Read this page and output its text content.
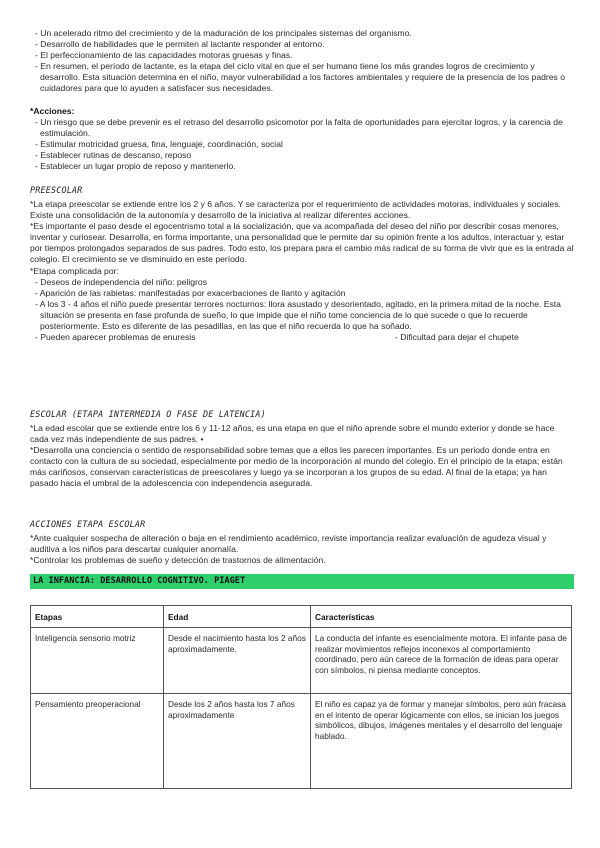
- Un acelerado ritmo del crecimiento y de la maduración de los principales sistemas del organismo.

- Desarrollo de habilidades que le permiten al lactante responder al entorno.

- El perfeccionamiento de las capacidades motoras gruesas y finas.

- En resumen, el período de lactante, es la etapa del ciclo vital en que el ser humano tiene los más grandes logros de crecimiento y desarrollo. Esta situación determina en el niño, mayor vulnerabilidad a los factores ambientales y requiere de la presencia de los padres o cuidadores para que lo ayuden a satisfacer sus necesidades.

*Acciones:

- Un riesgo que se debe prevenir es el retraso del desarrollo psicomotor por la falta de oportunidades para ejercitar logros, y la carencia de estimulación.

- Estimular motricidad gruesa, fina, lenguaje, coordinación, social

- Establecer rutinas de descanso, reposo

- Establecer un lugar propio de reposo y mantenerlo.

PREESCOLAR

*La etapa preescolar se extiende entre los 2 y 6 años. Y se caracteriza por el requerimiento de actividades motoras, individuales y sociales. Existe una consolidación de la autonomía y desarrollo de la iniciativa al realizar diferentes acciones.

*Es importante el paso desde el egocentrismo total a la socialización, que va acompañada del deseo del niño por describir cosas menores, inventar y curiosear. Desarrolla, en forma importante, una personalidad que le permite dar su opinión frente a los adultos, interactuar y, estar por tiempos prolongados separados de sus padres. Todo esto, los prepara para el cambio más radical de su forma de vivir que es la entrada al colegio. El crecimiento se ve disminuido en este período.

*Etapa complicada por:

- Deseos de independencia del niño: peligros

- Aparición de las rabietas: manifestadas por exacerbaciones de llanto y agitación

- A los 3 - 4 años el niño puede presentar terrores nocturnos: llora asustado y desorientado, agitado, en la primera mitad de la noche. Esta situación se presenta en fase profunda de sueño, lo que impide que el niño tome conciencia de lo que sucede o que lo recuerde posteriormente. Esto es diferente de las pesadillas, en las que el niño recuerda lo que ha soñado.

- Pueden aparecer problemas de enuresis	- Dificultad para dejar el chupete

ESCOLAR (ETAPA INTERMEDIA O FASE DE LATENCIA)

*La edad escolar que se extiende entre los 6 y 11-12 años, es una etapa en que el niño aprende sobre el mundo exterior y donde se hace cada vez más independiente de sus padres. •

*Desarrolla una conciencia o sentido de responsabilidad sobre temas que a ellos les parecen importantes. Es un periodo donde entra en contacto con la cultura de su sociedad, especialmente por medio de la incorporación al mundo del colegio. En el principio de la etapa; están más cariñosos, conservan características de preescolares y luego ya se incorporan a los grupos de su edad. Al final de la etapa; ya han pasado hacia el umbral de la adolescencia con independencia asegurada.

ACCIONES ETAPA ESCOLAR

*Ante cualquier sospecha de alteración o baja en el rendimiento académico, reviste importancia realizar evaluación de agudeza visual y auditiva a los niños para descartar cualquier anomalía.

*Controlar los problemas de sueño y detección de trastornos de alimentación.

LA INFANCIA: DESARROLLO COGNITIVO. PIAGET
Etapas	Edad	Características
Inteligencia sensorio motriz	Desde el nacimiento hasta los 2 años aproximadamente.	La conducta del infante es esencialmente motora. El infante pasa de realizar movimientos reflejos inconexos al comportamiento coordinado, pero aún carece de la formación de ideas para operar con símbolos, ni piensa mediante conceptos.
Pensamiento preoperacional	Desde los 2 años hasta los 7 años aproximadamente	El niño es capaz ya de formar y manejar símbolos, pero aún fracasa en el intento de operar lógicamente con ellos, se inician los juegos simbólicos, dibujos, imágenes mentales y el desarrollo del lenguaje hablado.
